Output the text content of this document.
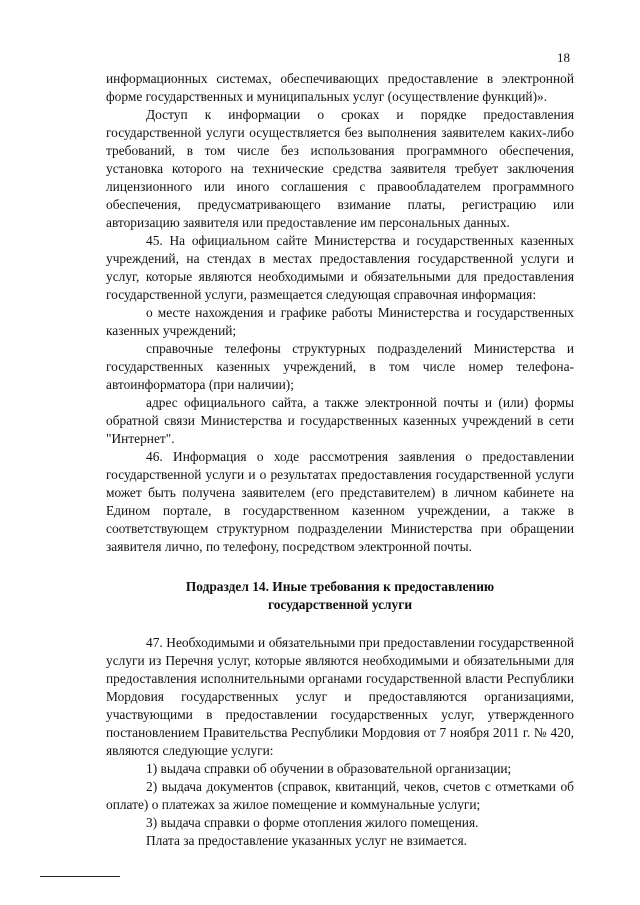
18

информационных системах, обеспечивающих предоставление в электронной форме государственных и муниципальных услуг (осуществление функций)».

Доступ к информации о сроках и порядке предоставления государственной услуги осуществляется без выполнения заявителем каких-либо требований, в том числе без использования программного обеспечения, установка которого на технические средства заявителя требует заключения лицензионного или иного соглашения с правообладателем программного обеспечения, предусматривающего взимание платы, регистрацию или авторизацию заявителя или предоставление им персональных данных.

45. На официальном сайте Министерства и государственных казенных учреждений, на стендах в местах предоставления государственной услуги и услуг, которые являются необходимыми и обязательными для предоставления государственной услуги, размещается следующая справочная информация:

о месте нахождения и графике работы Министерства и государственных казенных учреждений;

справочные телефоны структурных подразделений Министерства и государственных казенных учреждений, в том числе номер телефона-автоинформатора (при наличии);

адрес официального сайта, а также электронной почты и (или) формы обратной связи Министерства и государственных казенных учреждений в сети "Интернет".

46. Информация о ходе рассмотрения заявления о предоставлении государственной услуги и о результатах предоставления государственной услуги может быть получена заявителем (его представителем) в личном кабинете на Едином портале, в государственном казенном учреждении, а также в соответствующем структурном подразделении Министерства при обращении заявителя лично, по телефону, посредством электронной почты.

Подраздел 14. Иные требования к предоставлению
государственной услуги

47. Необходимыми и обязательными при предоставлении государственной услуги из Перечня услуг, которые являются необходимыми и обязательными для предоставления исполнительными органами государственной власти Республики Мордовия государственных услуг и предоставляются организациями, участвующими в предоставлении государственных услуг, утвержденного постановлением Правительства Республики Мордовия от 7 ноября 2011 г. № 420, являются следующие услуги:

1) выдача справки об обучении в образовательной организации;

2) выдача документов (справок, квитанций, чеков, счетов с отметками об оплате) о платежах за жилое помещение и коммунальные услуги;

3) выдача справки о форме отопления жилого помещения.

Плата за предоставление указанных услуг не взимается.
